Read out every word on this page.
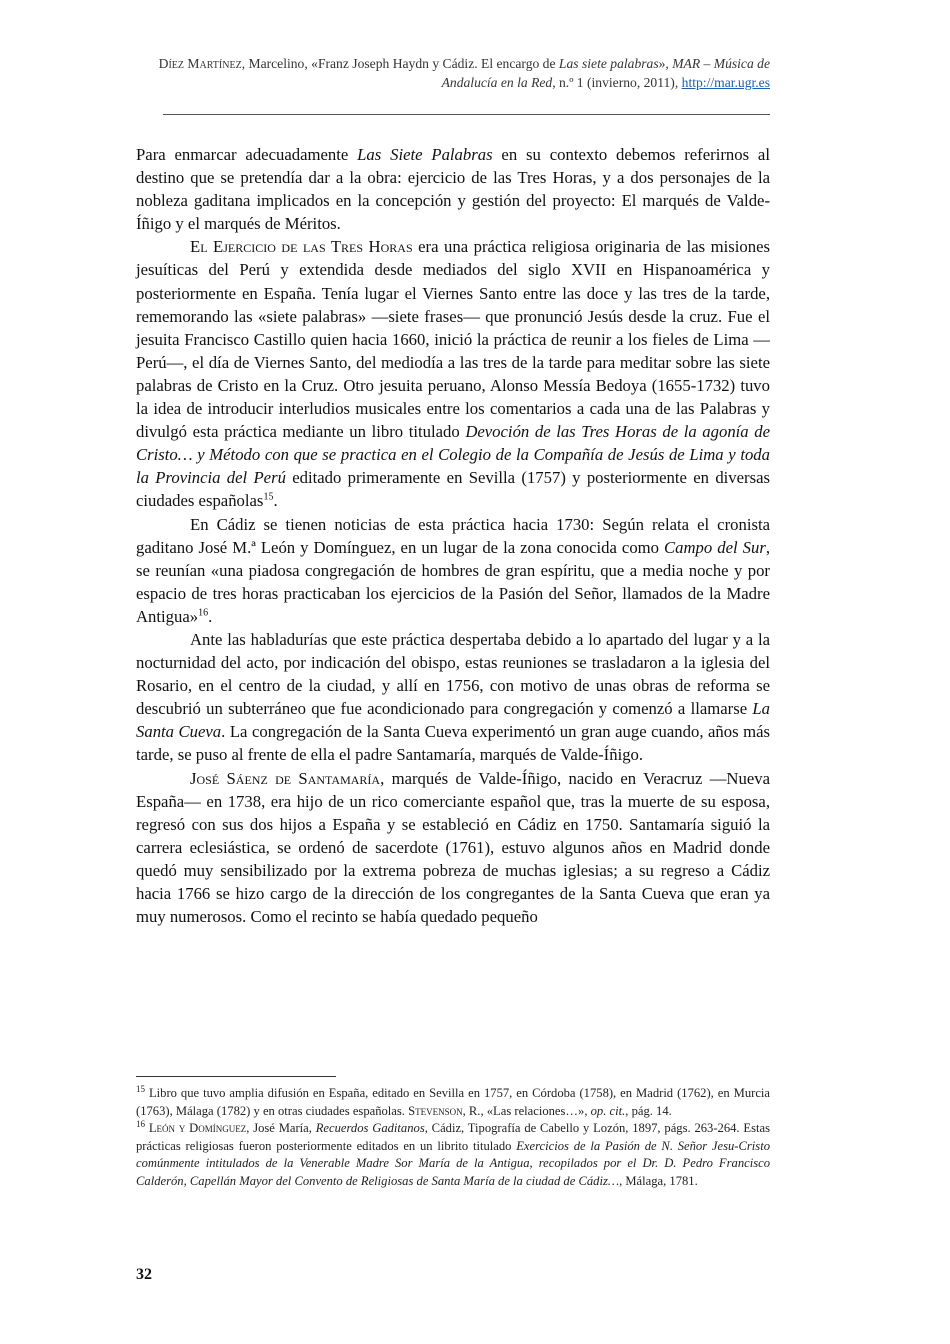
Díez Martínez, Marcelino, «Franz Joseph Haydn y Cádiz. El encargo de Las siete palabras», MAR – Música de Andalucía en la Red, n.º 1 (invierno, 2011), http://mar.ugr.es

Para enmarcar adecuadamente Las Siete Palabras en su contexto debemos referirnos al destino que se pretendía dar a la obra: ejercicio de las Tres Horas, y a dos personajes de la nobleza gaditana implicados en la concepción y gestión del proyecto: El marqués de Valde-Íñigo y el marqués de Méritos.

El Ejercicio de las Tres Horas era una práctica religiosa originaria de las misiones jesuíticas del Perú y extendida desde mediados del siglo XVII en Hispanoamérica y posteriormente en España. Tenía lugar el Viernes Santo entre las doce y las tres de la tarde, rememorando las «siete palabras» —siete frases— que pronunció Jesús desde la cruz. Fue el jesuita Francisco Castillo quien hacia 1660, inició la práctica de reunir a los fieles de Lima —Perú—, el día de Viernes Santo, del mediodía a las tres de la tarde para meditar sobre las siete palabras de Cristo en la Cruz. Otro jesuita peruano, Alonso Messía Bedoya (1655-1732) tuvo la idea de introducir interludios musicales entre los comentarios a cada una de las Palabras y divulgó esta práctica mediante un libro titulado Devoción de las Tres Horas de la agonía de Cristo… y Método con que se practica en el Colegio de la Compañía de Jesús de Lima y toda la Provincia del Perú editado primeramente en Sevilla (1757) y posteriormente en diversas ciudades españolas$^{15}$.

En Cádiz se tienen noticias de esta práctica hacia 1730: Según relata el cronista gaditano José M.ª León y Domínguez, en un lugar de la zona conocida como Campo del Sur, se reunían «una piadosa congregación de hombres de gran espíritu, que a media noche y por espacio de tres horas practicaban los ejercicios de la Pasión del Señor, llamados de la Madre Antigua»$^{16}$.

Ante las habladurías que este práctica despertaba debido a lo apartado del lugar y a la nocturnidad del acto, por indicación del obispo, estas reuniones se trasladaron a la iglesia del Rosario, en el centro de la ciudad, y allí en 1756, con motivo de unas obras de reforma se descubrió un subterráneo que fue acondicionado para congregación y comenzó a llamarse La Santa Cueva. La congregación de la Santa Cueva experimentó un gran auge cuando, años más tarde, se puso al frente de ella el padre Santamaría, marqués de Valde-Íñigo.

José Sáenz de Santamaría, marqués de Valde-Íñigo, nacido en Veracruz —Nueva España— en 1738, era hijo de un rico comerciante español que, tras la muerte de su esposa, regresó con sus dos hijos a España y se estableció en Cádiz en 1750. Santamaría siguió la carrera eclesiástica, se ordenó de sacerdote (1761), estuvo algunos años en Madrid donde quedó muy sensibilizado por la extrema pobreza de muchas iglesias; a su regreso a Cádiz hacia 1766 se hizo cargo de la dirección de los congregantes de la Santa Cueva que eran ya muy numerosos. Como el recinto se había quedado pequeño

$^{15}$ Libro que tuvo amplia difusión en España, editado en Sevilla en 1757, en Córdoba (1758), en Madrid (1762), en Murcia (1763), Málaga (1782) y en otras ciudades españolas. Stevenson, R., «Las relaciones…», op. cit., pág. 14.

$^{16}$ León y Domínguez, José María, Recuerdos Gaditanos, Cádiz, Tipografía de Cabello y Lozón, 1897, págs. 263-264. Estas prácticas religiosas fueron posteriormente editados en un librito titulado Exercicios de la Pasión de N. Señor Jesu-Cristo comúnmente intitulados de la Venerable Madre Sor María de la Antigua, recopilados por el Dr. D. Pedro Francisco Calderón, Capellán Mayor del Convento de Religiosas de Santa María de la ciudad de Cádiz…, Málaga, 1781.

32
